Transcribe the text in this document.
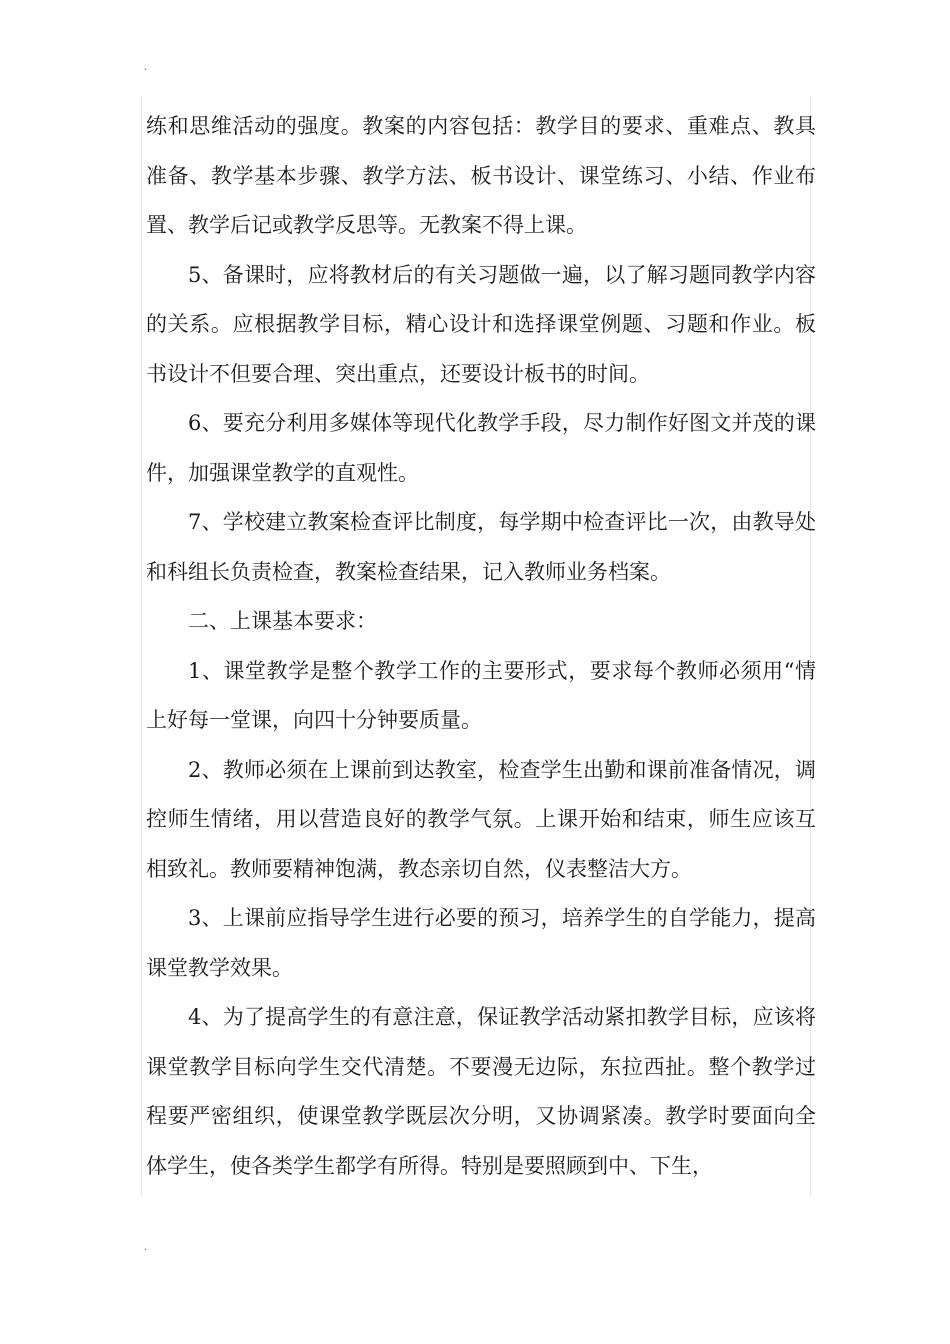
.
.

练和思维活动的强度。教案的内容包括：教学目的要求、重难点、教具准备、教学基本步骤、教学方法、板书设计、课堂练习、小结、作业布置、教学后记或教学反思等。无教案不得上课。

5、备课时，应将教材后的有关习题做一遍，以了解习题同教学内容的关系。应根据教学目标，精心设计和选择课堂例题、习题和作业。板书设计不但要合理、突出重点，还要设计板书的时间。

6、要充分利用多媒体等现代化教学手段，尽力制作好图文并茂的课件，加强课堂教学的直观性。

7、学校建立教案检查评比制度，每学期中检查评比一次，由教导处和科组长负责检查，教案检查结果，记入教师业务档案。

二、上课基本要求：

1、课堂教学是整个教学工作的主要形式，要求每个教师必须用“情　上好每一堂课，向四十分钟要质量。

2、教师必须在上课前到达教室，检查学生出勤和课前准备情况，调控师生情绪，用以营造良好的教学气氛。上课开始和结束，师生应该互相致礼。教师要精神饱满，教态亲切自然，仪表整洁大方。

3、上课前应指导学生进行必要的预习，培养学生的自学能力，提高课堂教学效果。

4、为了提高学生的有意注意，保证教学活动紧扣教学目标，应该将课堂教学目标向学生交代清楚。不要漫无边际，东拉西扯。整个教学过程要严密组织，使课堂教学既层次分明，又协调紧凑。教学时要面向全体学生，使各类学生都学有所得。特别是要照顾到中、下生，
